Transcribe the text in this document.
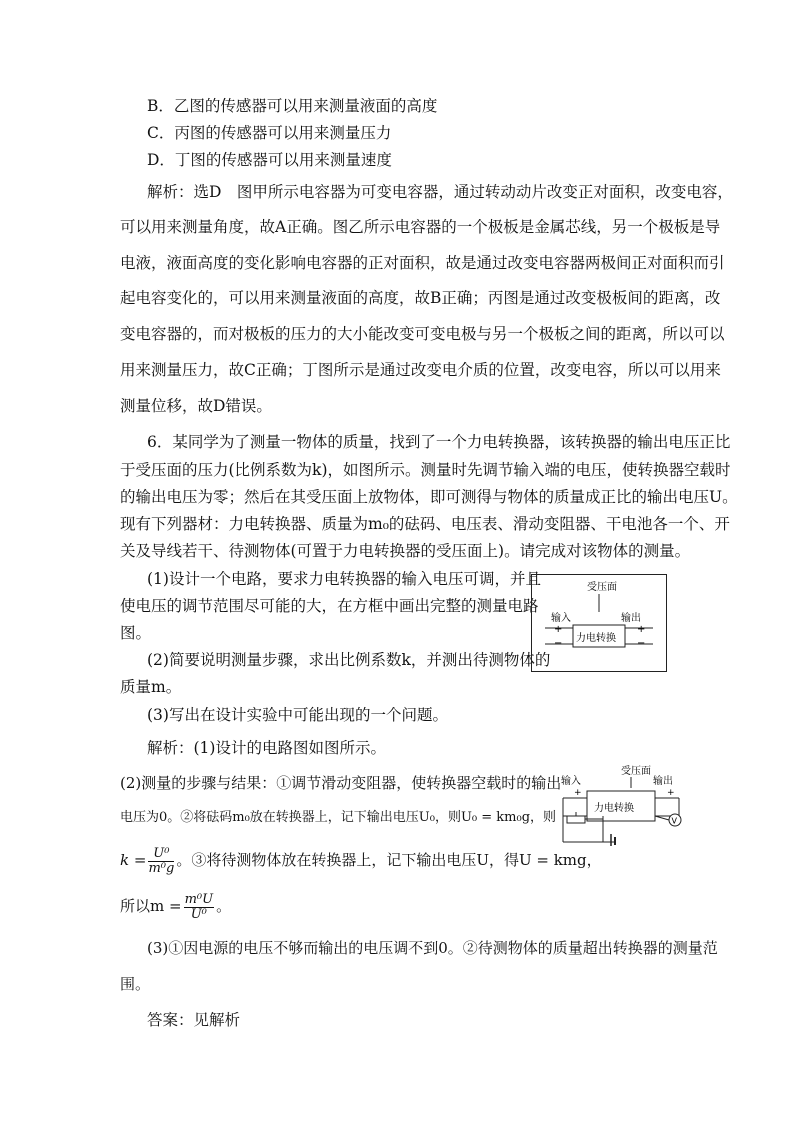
B．乙图的传感器可以用来测量液面的高度
C．丙图的传感器可以用来测量压力
D．丁图的传感器可以用来测量速度
解析：选D　图甲所示电容器为可变电容器，通过转动动片改变正对面积，改变电容，
可以用来测量角度，故A正确。图乙所示电容器的一个极板是金属芯线，另一个极板是导
电液，液面高度的变化影响电容器的正对面积，故是通过改变电容器两极间正对面积而引
起电容变化的，可以用来测量液面的高度，故B正确；丙图是通过改变极板间的距离，改
变电容器的，而对极板的压力的大小能改变可变电极与另一个极板之间的距离，所以可以
用来测量压力，故C正确；丁图所示是通过改变电介质的位置，改变电容，所以可以用来
测量位移，故D错误。
6．某同学为了测量一物体的质量，找到了一个力电转换器，该转换器的输出电压正比
于受压面的压力(比例系数为k)，如图所示。测量时先调节输入端的电压，使转换器空载时
的输出电压为零；然后在其受压面上放物体，即可测得与物体的质量成正比的输出电压U。
现有下列器材：力电转换器、质量为m₀的砝码、电压表、滑动变阻器、干电池各一个、开
关及导线若干、待测物体(可置于力电转换器的受压面上)。请完成对该物体的测量。
(1)设计一个电路，要求力电转换器的输入电压可调，并且
使电压的调节范围尽可能的大，在方框中画出完整的测量电路
图。
(2)简要说明测量步骤，求出比例系数k，并测出待测物体的
质量m。
(3)写出在设计实验中可能出现的一个问题。
受压面
输入	输出
+	+
−	−
力电转换
解析：(1)设计的电路图如图所示。
(2)测量的步骤与结果：①调节滑动变阻器，使转换器空载时的输出
电压为0。②将砝码m₀放在转换器上，记下输出电压U₀，则U₀ = km₀g，则
$k = \frac{\text{U⁰}}{\text{m⁰g}}$ 。③将待测物体放在转换器上，记下输出电压U，得U = kmg，
所以$m = \frac{\text{m⁰U}}{\text{U⁰}}$ 。
受压面
输入	输出
+	+
力电转换
V
(3)①因电源的电压不够而输出的电压调不到0。②待测物体的质量超出转换器的测量范
围。
答案：见解析
